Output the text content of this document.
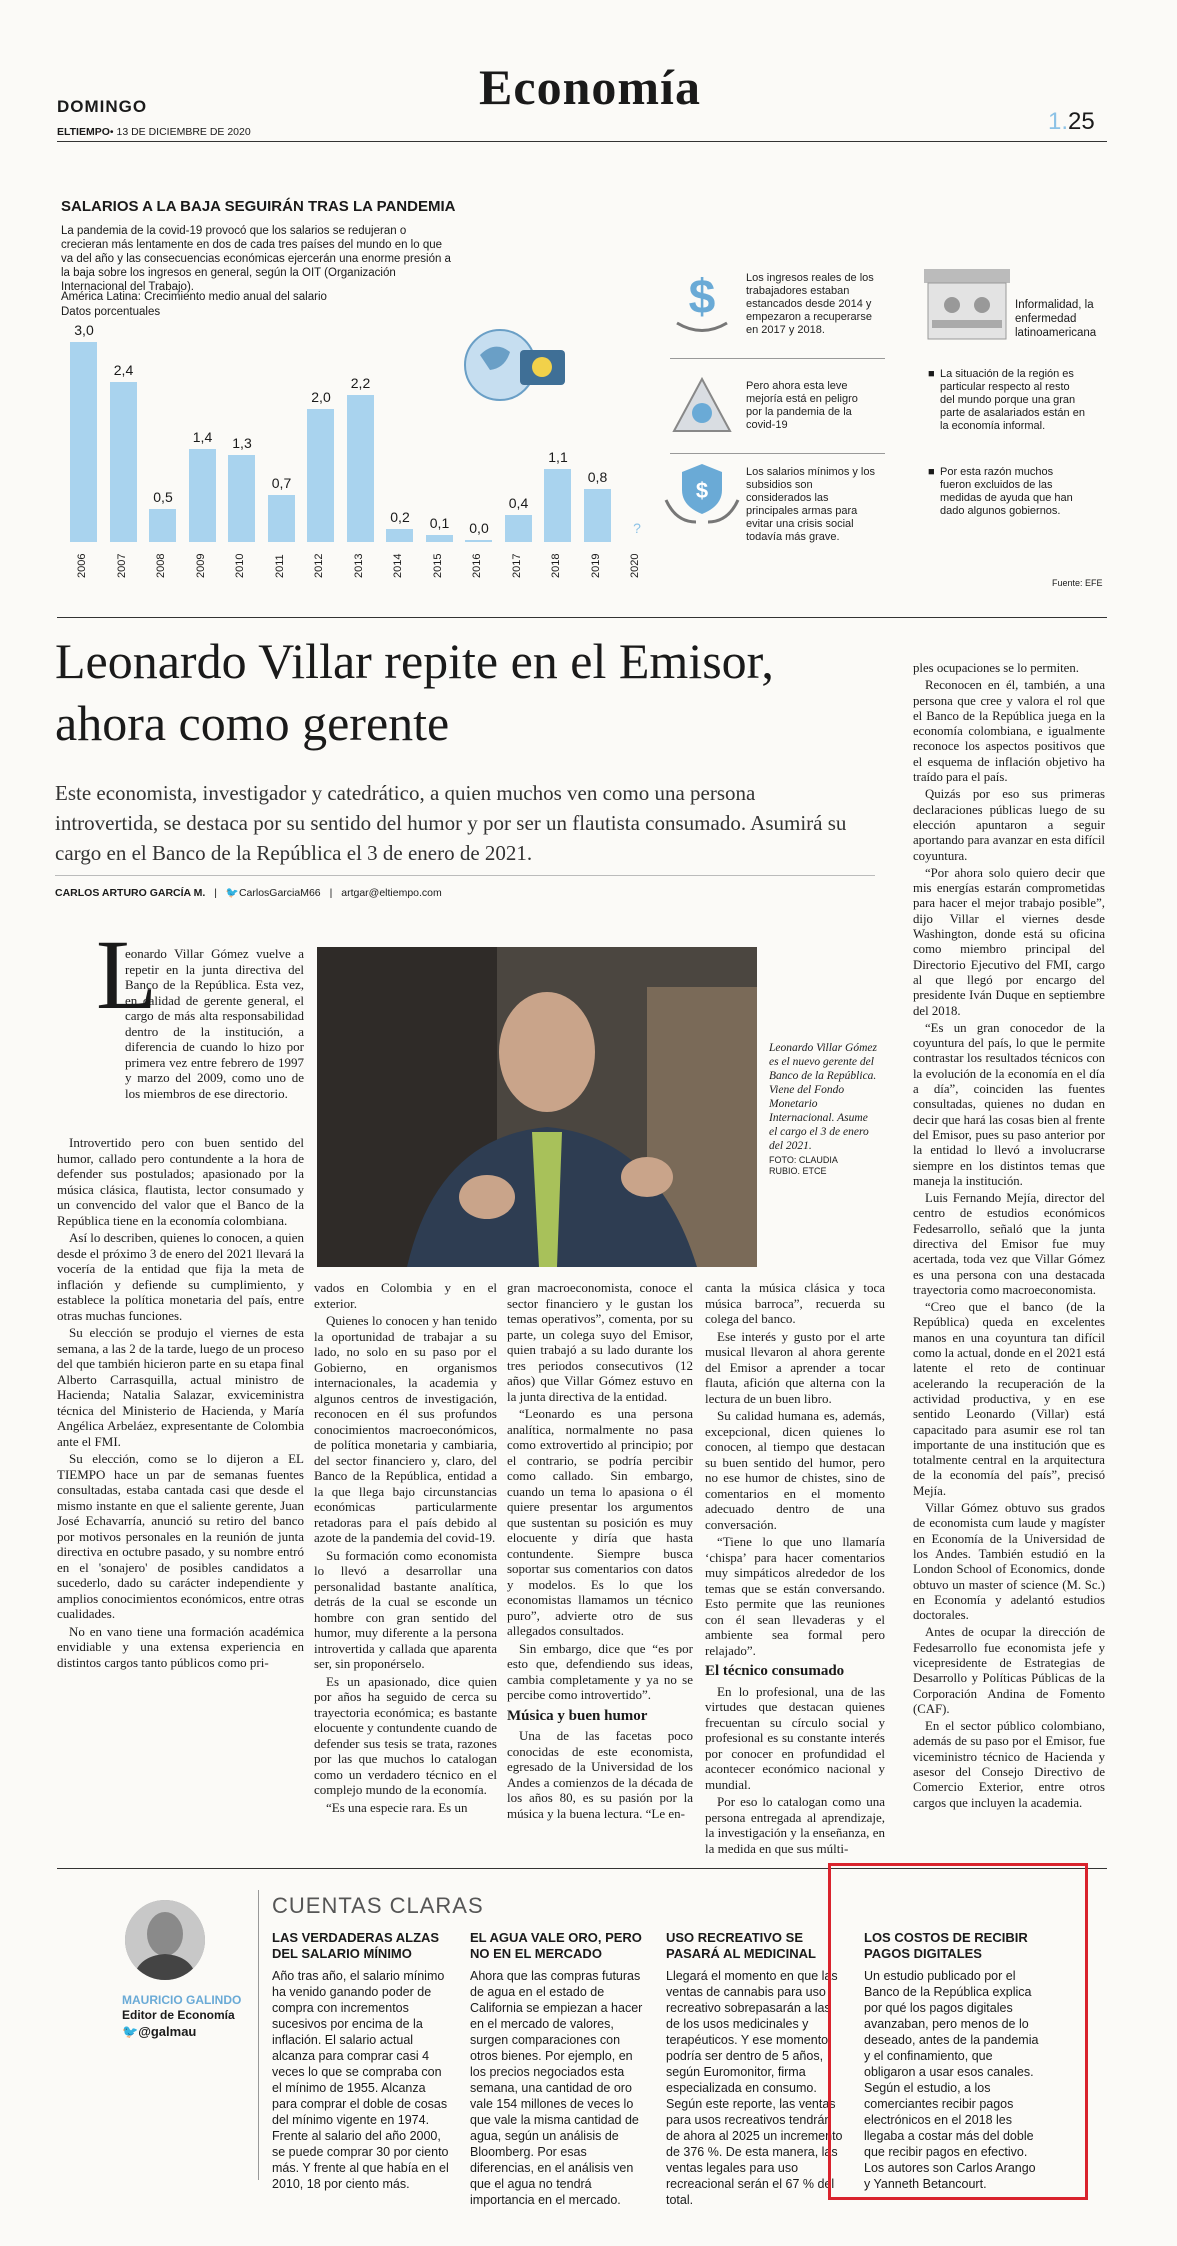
DOMINGO	Economía
ELTIEMPO• 13 DE DICIEMBRE DE 2020	1.25
SALARIOS A LA BAJA SEGUIRÁN TRAS LA PANDEMIA
La pandemia de la covid-19 provocó que los salarios se redujeran o crecieran más lentamente en dos de cada tres países del mundo en lo que va del año y las consecuencias económicas ejercerán una enorme presión a la baja sobre los ingresos en general, según la OIT (Organización Internacional del Trabajo).
América Latina: Crecimiento medio anual del salario
Datos porcentuales
3,0
2006
2,4
2007
0,5
2008
1,4
2009
1,3
2010
0,7
2011
2,0
2012
2,2
2013
0,2
2014
0,1
2015
0,0
2016
0,4
2017
1,1
2018
0,8
2019
?
2020
$	Los ingresos reales de los trabajadores estaban estancados desde 2014 y empezaron a recuperarse en 2017 y 2018.
Pero ahora esta leve mejoría está en peligro por la pandemia de la covid-19
$
Los salarios mínimos y los subsidios son considerados las principales armas para evitar una crisis social todavía más grave.
Informalidad, la enfermedad latinoamericana
■ La situación de la región es particular respecto al resto del mundo porque una gran parte de asalariados están en la economía informal.
■ Por esta razón muchos fueron excluidos de las medidas de ayuda que han dado algunos gobiernos.
Fuente: EFE
Leonardo Villar repite en el Emisor, ahora como gerente
Este economista, investigador y catedrático, a quien muchos ven como una persona introvertida, se destaca por su sentido del humor y por ser un flautista consumado. Asumirá su cargo en el Banco de la República el 3 de enero de 2021.
CARLOS ARTURO GARCÍA M. | 🐦CarlosGarciaM66 | artgar@eltiempo.com
L

eonardo Villar Gómez vuelve a repetir en la junta directiva del Banco de la República. Esta vez, en calidad de gerente general, el cargo de más alta responsabilidad dentro de la institución, a diferencia de cuando lo hizo por primera vez entre febrero de 1997 y marzo del 2009, como uno de los miembros de ese directorio.

Introvertido pero con buen sentido del humor, callado pero contundente a la hora de defender sus postulados; apasionado por la música clásica, flautista, lector consumado y un convencido del valor que el Banco de la República tiene en la economía colombiana.

Así lo describen, quienes lo conocen, a quien desde el próximo 3 de enero del 2021 llevará la vocería de la entidad que fija la meta de inflación y defiende su cumplimiento, y establece la política monetaria del país, entre otras muchas funciones.

Su elección se produjo el viernes de esta semana, a las 2 de la tarde, luego de un proceso del que también hicieron parte en su etapa final Alberto Carrasquilla, actual ministro de Hacienda; Natalia Salazar, exviceministra técnica del Ministerio de Hacienda, y María Angélica Arbeláez, expresentante de Colombia ante el FMI.

Su elección, como se lo dijeron a EL TIEMPO hace un par de semanas fuentes consultadas, estaba cantada casi que desde el mismo instante en que el saliente gerente, Juan José Echavarría, anunció su retiro del banco por motivos personales en la reunión de junta directiva en octubre pasado, y su nombre entró en el 'sonajero' de posibles candidatos a sucederlo, dado su carácter independiente y amplios conocimientos económicos, entre otras cualidades.

No en vano tiene una formación académica envidiable y una extensa experiencia en distintos cargos tanto públicos como pri-

Leonardo Villar Gómez es el nuevo gerente del Banco de la República. Viene del Fondo Monetario Internacional. Asume el cargo el 3 de enero del 2021.
FOTO: CLAUDIA RUBIO. ETCE

vados en Colombia y en el exterior.

Quienes lo conocen y han tenido la oportunidad de trabajar a su lado, no solo en su paso por el Gobierno, en organismos internacionales, la academia y algunos centros de investigación, reconocen en él sus profundos conocimientos macroeconómicos, de política monetaria y cambiaria, del sector financiero y, claro, del Banco de la República, entidad a la que llega bajo circunstancias económicas particularmente retadoras para el país debido al azote de la pandemia del covid-19.

Su formación como economista lo llevó a desarrollar una personalidad bastante analítica, detrás de la cual se esconde un hombre con gran sentido del humor, muy diferente a la persona introvertida y callada que aparenta ser, sin proponérselo.

Es un apasionado, dice quien por años ha seguido de cerca su trayectoria económica; es bastante elocuente y contundente cuando de defender sus tesis se trata, razones por las que muchos lo catalogan como un verdadero técnico en el complejo mundo de la economía.

“Es una especie rara. Es un

gran macroeconomista, conoce el sector financiero y le gustan los temas operativos”, comenta, por su parte, un colega suyo del Emisor, quien trabajó a su lado durante los tres periodos consecutivos (12 años) que Villar Gómez estuvo en la junta directiva de la entidad.

“Leonardo es una persona analítica, normalmente no pasa como extrovertido al principio; por el contrario, se podría percibir como callado. Sin embargo, cuando un tema lo apasiona o él quiere presentar los argumentos que sustentan su posición es muy elocuente y diría que hasta contundente. Siempre busca soportar sus comentarios con datos y modelos. Es lo que los economistas llamamos un técnico puro”, advierte otro de sus allegados consultados.

Sin embargo, dice que “es por esto que, defendiendo sus ideas, cambia completamente y ya no se percibe como introvertido”.

Música y buen humor

Una de las facetas poco conocidas de este economista, egresado de la Universidad de los Andes a comienzos de la década de los años 80, es su pasión por la música y la buena lectura. “Le en-

canta la música clásica y toca música barroca”, recuerda su colega del banco.

Ese interés y gusto por el arte musical llevaron al ahora gerente del Emisor a aprender a tocar flauta, afición que alterna con la lectura de un buen libro.

Su calidad humana es, además, excepcional, dicen quienes lo conocen, al tiempo que destacan su buen sentido del humor, pero no ese humor de chistes, sino de comentarios en el momento adecuado dentro de una conversación.

“Tiene lo que uno llamaría ‘chispa’ para hacer comentarios muy simpáticos alrededor de los temas que se están conversando. Esto permite que las reuniones con él sean llevaderas y el ambiente sea formal pero relajado”.

El técnico consumado

En lo profesional, una de las virtudes que destacan quienes frecuentan su círculo social y profesional es su constante interés por conocer en profundidad el acontecer económico nacional y mundial.

Por eso lo catalogan como una persona entregada al aprendizaje, la investigación y la enseñanza, en la medida en que sus múlti-

ples ocupaciones se lo permiten.

Reconocen en él, también, a una persona que cree y valora el rol que el Banco de la República juega en la economía colombiana, e igualmente reconoce los aspectos positivos que el esquema de inflación objetivo ha traído para el país.

Quizás por eso sus primeras declaraciones públicas luego de su elección apuntaron a seguir aportando para avanzar en esta difícil coyuntura.

“Por ahora solo quiero decir que mis energías estarán comprometidas para hacer el mejor trabajo posible”, dijo Villar el viernes desde Washington, donde está su oficina como miembro principal del Directorio Ejecutivo del FMI, cargo al que llegó por encargo del presidente Iván Duque en septiembre del 2018.

“Es un gran conocedor de la coyuntura del país, lo que le permite contrastar los resultados técnicos con la evolución de la economía en el día a día”, coinciden las fuentes consultadas, quienes no dudan en decir que hará las cosas bien al frente del Emisor, pues su paso anterior por la entidad lo llevó a involucrarse siempre en los distintos temas que maneja la institución.

Luis Fernando Mejía, director del centro de estudios económicos Fedesarrollo, señaló que la junta directiva del Emisor fue muy acertada, toda vez que Villar Gómez es una persona con una destacada trayectoria como macroeconomista.

“Creo que el banco (de la República) queda en excelentes manos en una coyuntura tan difícil como la actual, donde en el 2021 está latente el reto de continuar acelerando la recuperación de la actividad productiva, y en ese sentido Leonardo (Villar) está capacitado para asumir ese rol tan importante de una institución que es totalmente central en la arquitectura de la economía del país”, precisó Mejía.

Villar Gómez obtuvo sus grados de economista cum laude y magíster en Economía de la Universidad de los Andes. También estudió en la London School of Economics, donde obtuvo un master of science (M. Sc.) en Economía y adelantó estudios doctorales.

Antes de ocupar la dirección de Fedesarrollo fue economista jefe y vicepresidente de Estrategias de Desarrollo y Políticas Públicas de la Corporación Andina de Fomento (CAF).

En el sector público colombiano, además de su paso por el Emisor, fue viceministro técnico de Hacienda y asesor del Consejo Directivo de Comercio Exterior, entre otros cargos que incluyen la academia.

MAURICIO GALINDO
Editor de Economía
🐦@galmau
CUENTAS CLARAS
LAS VERDADERAS ALZAS DEL SALARIO MÍNIMO
Año tras año, el salario mínimo ha venido ganando poder de compra con incrementos sucesivos por encima de la inflación. El salario actual alcanza para comprar casi 4 veces lo que se compraba con el mínimo de 1955. Alcanza para comprar el doble de cosas del mínimo vigente en 1974. Frente al salario del año 2000, se puede comprar 30 por ciento más. Y frente al que había en el 2010, 18 por ciento más.
EL AGUA VALE ORO, PERO NO EN EL MERCADO
Ahora que las compras futuras de agua en el estado de California se empiezan a hacer en el mercado de valores, surgen comparaciones con otros bienes. Por ejemplo, en los precios negociados esta semana, una cantidad de oro vale 154 millones de veces lo que vale la misma cantidad de agua, según un análisis de Bloomberg. Por esas diferencias, en el análisis ven que el agua no tendrá importancia en el mercado.
USO RECREATIVO SE PASARÁ AL MEDICINAL
Llegará el momento en que las ventas de cannabis para uso recreativo sobrepasarán a las de los usos medicinales y terapéuticos. Y ese momento podría ser dentro de 5 años, según Euromonitor, firma especializada en consumo. Según este reporte, las ventas para usos recreativos tendrán de ahora al 2025 un incremento de 376 %. De esta manera, las ventas legales para uso recreacional serán el 67 % del total.
LOS COSTOS DE RECIBIR PAGOS DIGITALES
Un estudio publicado por el Banco de la República explica por qué los pagos digitales avanzaban, pero menos de lo deseado, antes de la pandemia y el confinamiento, que obligaron a usar esos canales. Según el estudio, a los comerciantes recibir pagos electrónicos en el 2018 les llegaba a costar más del doble que recibir pagos en efectivo. Los autores son Carlos Arango y Yanneth Betancourt.
